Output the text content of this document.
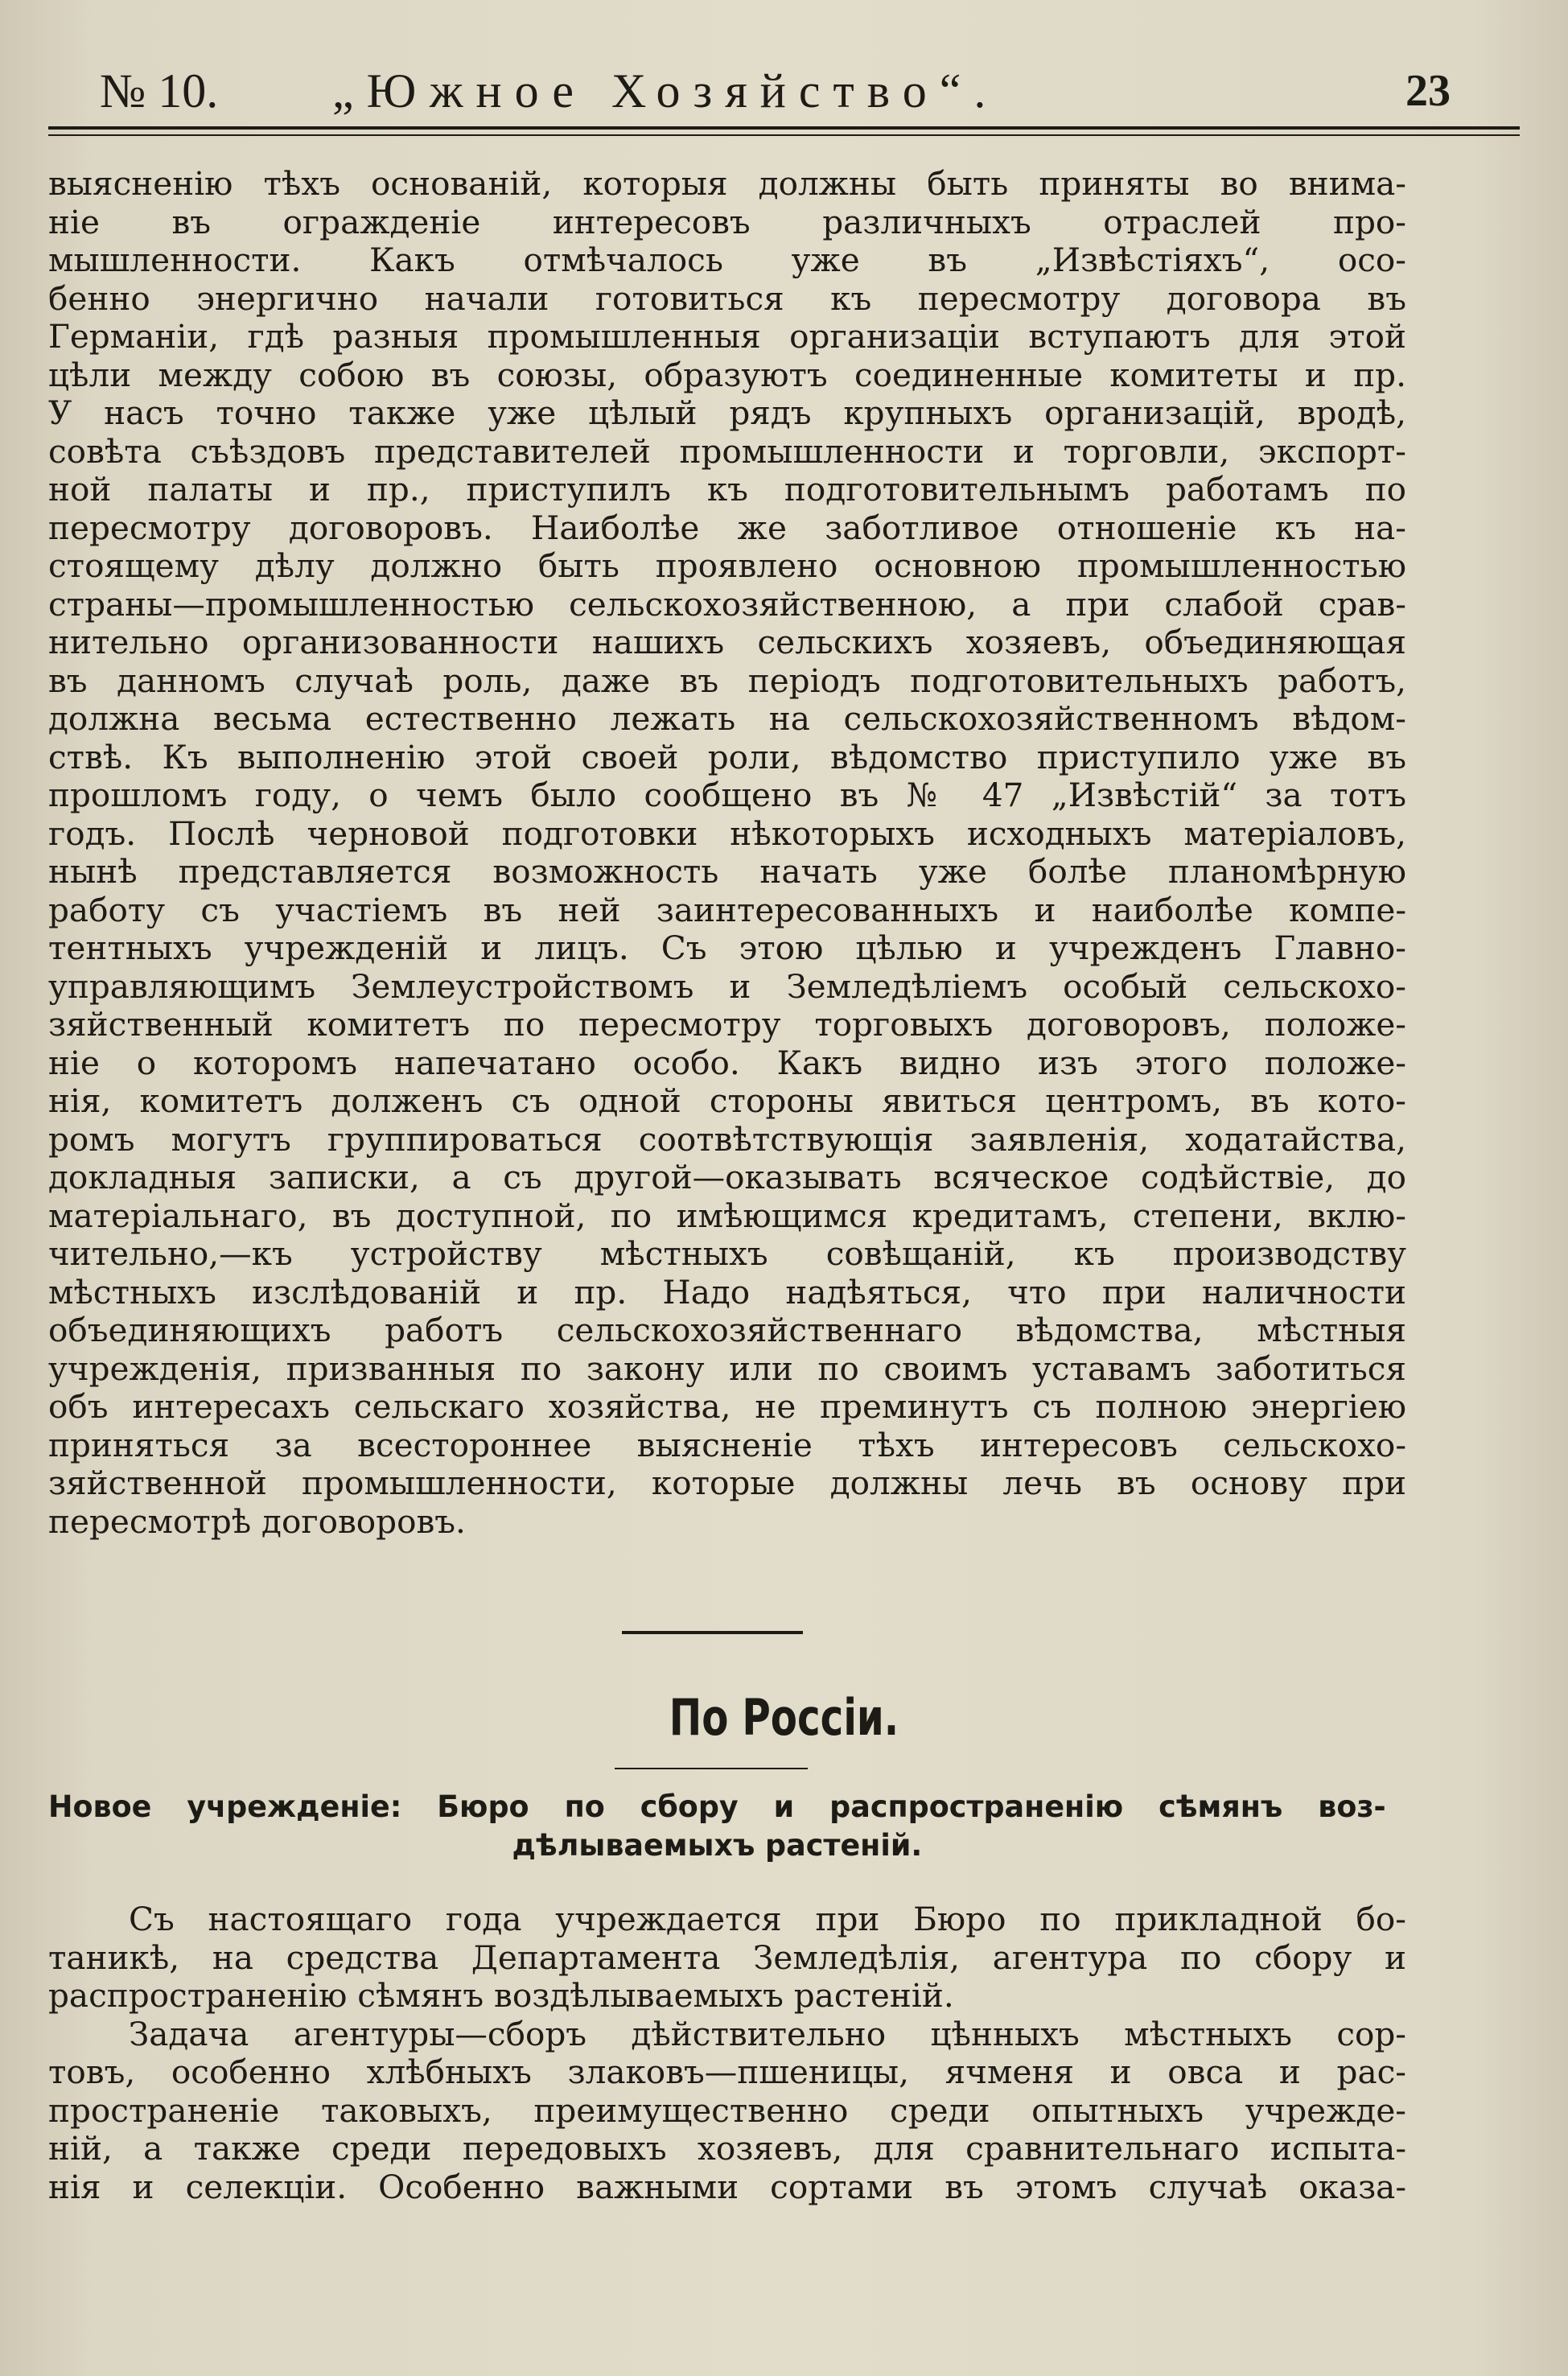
№ 10. „Южное Хозяйство“.	23
выясненію тѣхъ основаній, которыя должны быть приняты во внима-
ніе въ огражденіе интересовъ различныхъ отраслей про-
мышленности. Какъ отмѣчалось уже въ „Извѣстіяхъ“, осо-
бенно энергично начали готовиться къ пересмотру договора въ
Германіи, гдѣ разныя промышленныя организаціи вступаютъ для этой
цѣли между собою въ союзы, образуютъ соединенные комитеты и пр.
У насъ точно также уже цѣлый рядъ крупныхъ организацій, вродѣ,
совѣта съѣздовъ представителей промышленности и торговли, экспорт-
ной палаты и пр., приступилъ къ подготовительнымъ работамъ по
пересмотру договоровъ. Наиболѣе же заботливое отношеніе къ на-
стоящему дѣлу должно быть проявлено основною промышленностью
страны—промышленностью сельскохозяйственною, а при слабой срав-
нительно организованности нашихъ сельскихъ хозяевъ, объединяющая
въ данномъ случаѣ роль, даже въ періодъ подготовительныхъ работъ,
должна весьма естественно лежать на сельскохозяйственномъ вѣдом-
ствѣ. Къ выполненію этой своей роли, вѣдомство приступило уже въ
прошломъ году, о чемъ было сообщено въ № 47 „Извѣстій“ за тотъ
годъ. Послѣ черновой подготовки нѣкоторыхъ исходныхъ матеріаловъ,
нынѣ представляется возможность начать уже болѣе планомѣрную
работу съ участіемъ въ ней заинтересованныхъ и наиболѣе компе-
тентныхъ учрежденій и лицъ. Съ этою цѣлью и учрежденъ Главно-
управляющимъ Землеустройствомъ и Земледѣліемъ особый сельскохо-
зяйственный комитетъ по пересмотру торговыхъ договоровъ, положе-
ніе о которомъ напечатано особо. Какъ видно изъ этого положе-
нія, комитетъ долженъ съ одной стороны явиться центромъ, въ кото-
ромъ могутъ группироваться соотвѣтствующія заявленія, ходатайства,
докладныя записки, а съ другой—оказывать всяческое содѣйствіе, до
матеріальнаго, въ доступной, по имѣющимся кредитамъ, степени, вклю-
чительно,—къ устройству мѣстныхъ совѣщаній, къ производству
мѣстныхъ изслѣдованій и пр. Надо надѣяться, что при наличности
объединяющихъ работъ сельскохозяйственнаго вѣдомства, мѣстныя
учрежденія, призванныя по закону или по своимъ уставамъ заботиться
объ интересахъ сельскаго хозяйства, не преминутъ съ полною энергіею
приняться за всестороннее выясненіе тѣхъ интересовъ сельскохо-
зяйственной промышленности, которые должны лечь въ основу при
пересмотрѣ договоровъ.
По Россіи.
Новое учрежденіе: Бюро по сбору и распространенію сѣмянъ воз-
дѣлываемыхъ растеній.
Съ настоящаго года учреждается при Бюро по прикладной бо-
таникѣ, на средства Департамента Земледѣлія, агентура по сбору и
распространенію сѣмянъ воздѣлываемыхъ растеній.
Задача агентуры—сборъ дѣйствительно цѣнныхъ мѣстныхъ сор-
товъ, особенно хлѣбныхъ злаковъ—пшеницы, ячменя и овса и рас-
пространеніе таковыхъ, преимущественно среди опытныхъ учрежде-
ній, а также среди передовыхъ хозяевъ, для сравнительнаго испыта-
нія и селекціи. Особенно важными сортами въ этомъ случаѣ оказа-
